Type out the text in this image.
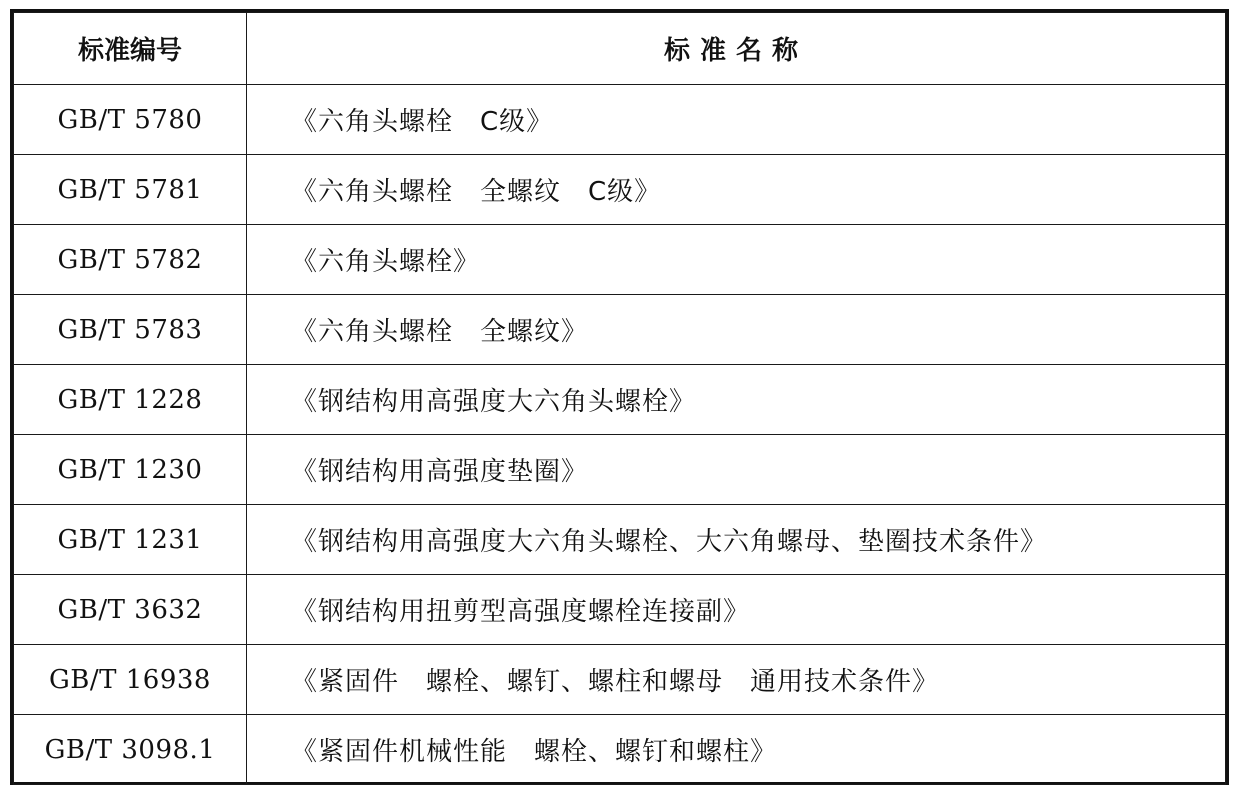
标准编号	标准名称
GB/T 5780	《六角头螺栓　C级》
GB/T 5781	《六角头螺栓　全螺纹　C级》
GB/T 5782	《六角头螺栓》
GB/T 5783	《六角头螺栓　全螺纹》
GB/T 1228	《钢结构用高强度大六角头螺栓》
GB/T 1230	《钢结构用高强度垫圈》
GB/T 1231	《钢结构用高强度大六角头螺栓、大六角螺母、垫圈技术条件》
GB/T 3632	《钢结构用扭剪型高强度螺栓连接副》
GB/T 16938	《紧固件　螺栓、螺钉、螺柱和螺母　通用技术条件》
GB/T 3098.1	《紧固件机械性能　螺栓、螺钉和螺柱》
